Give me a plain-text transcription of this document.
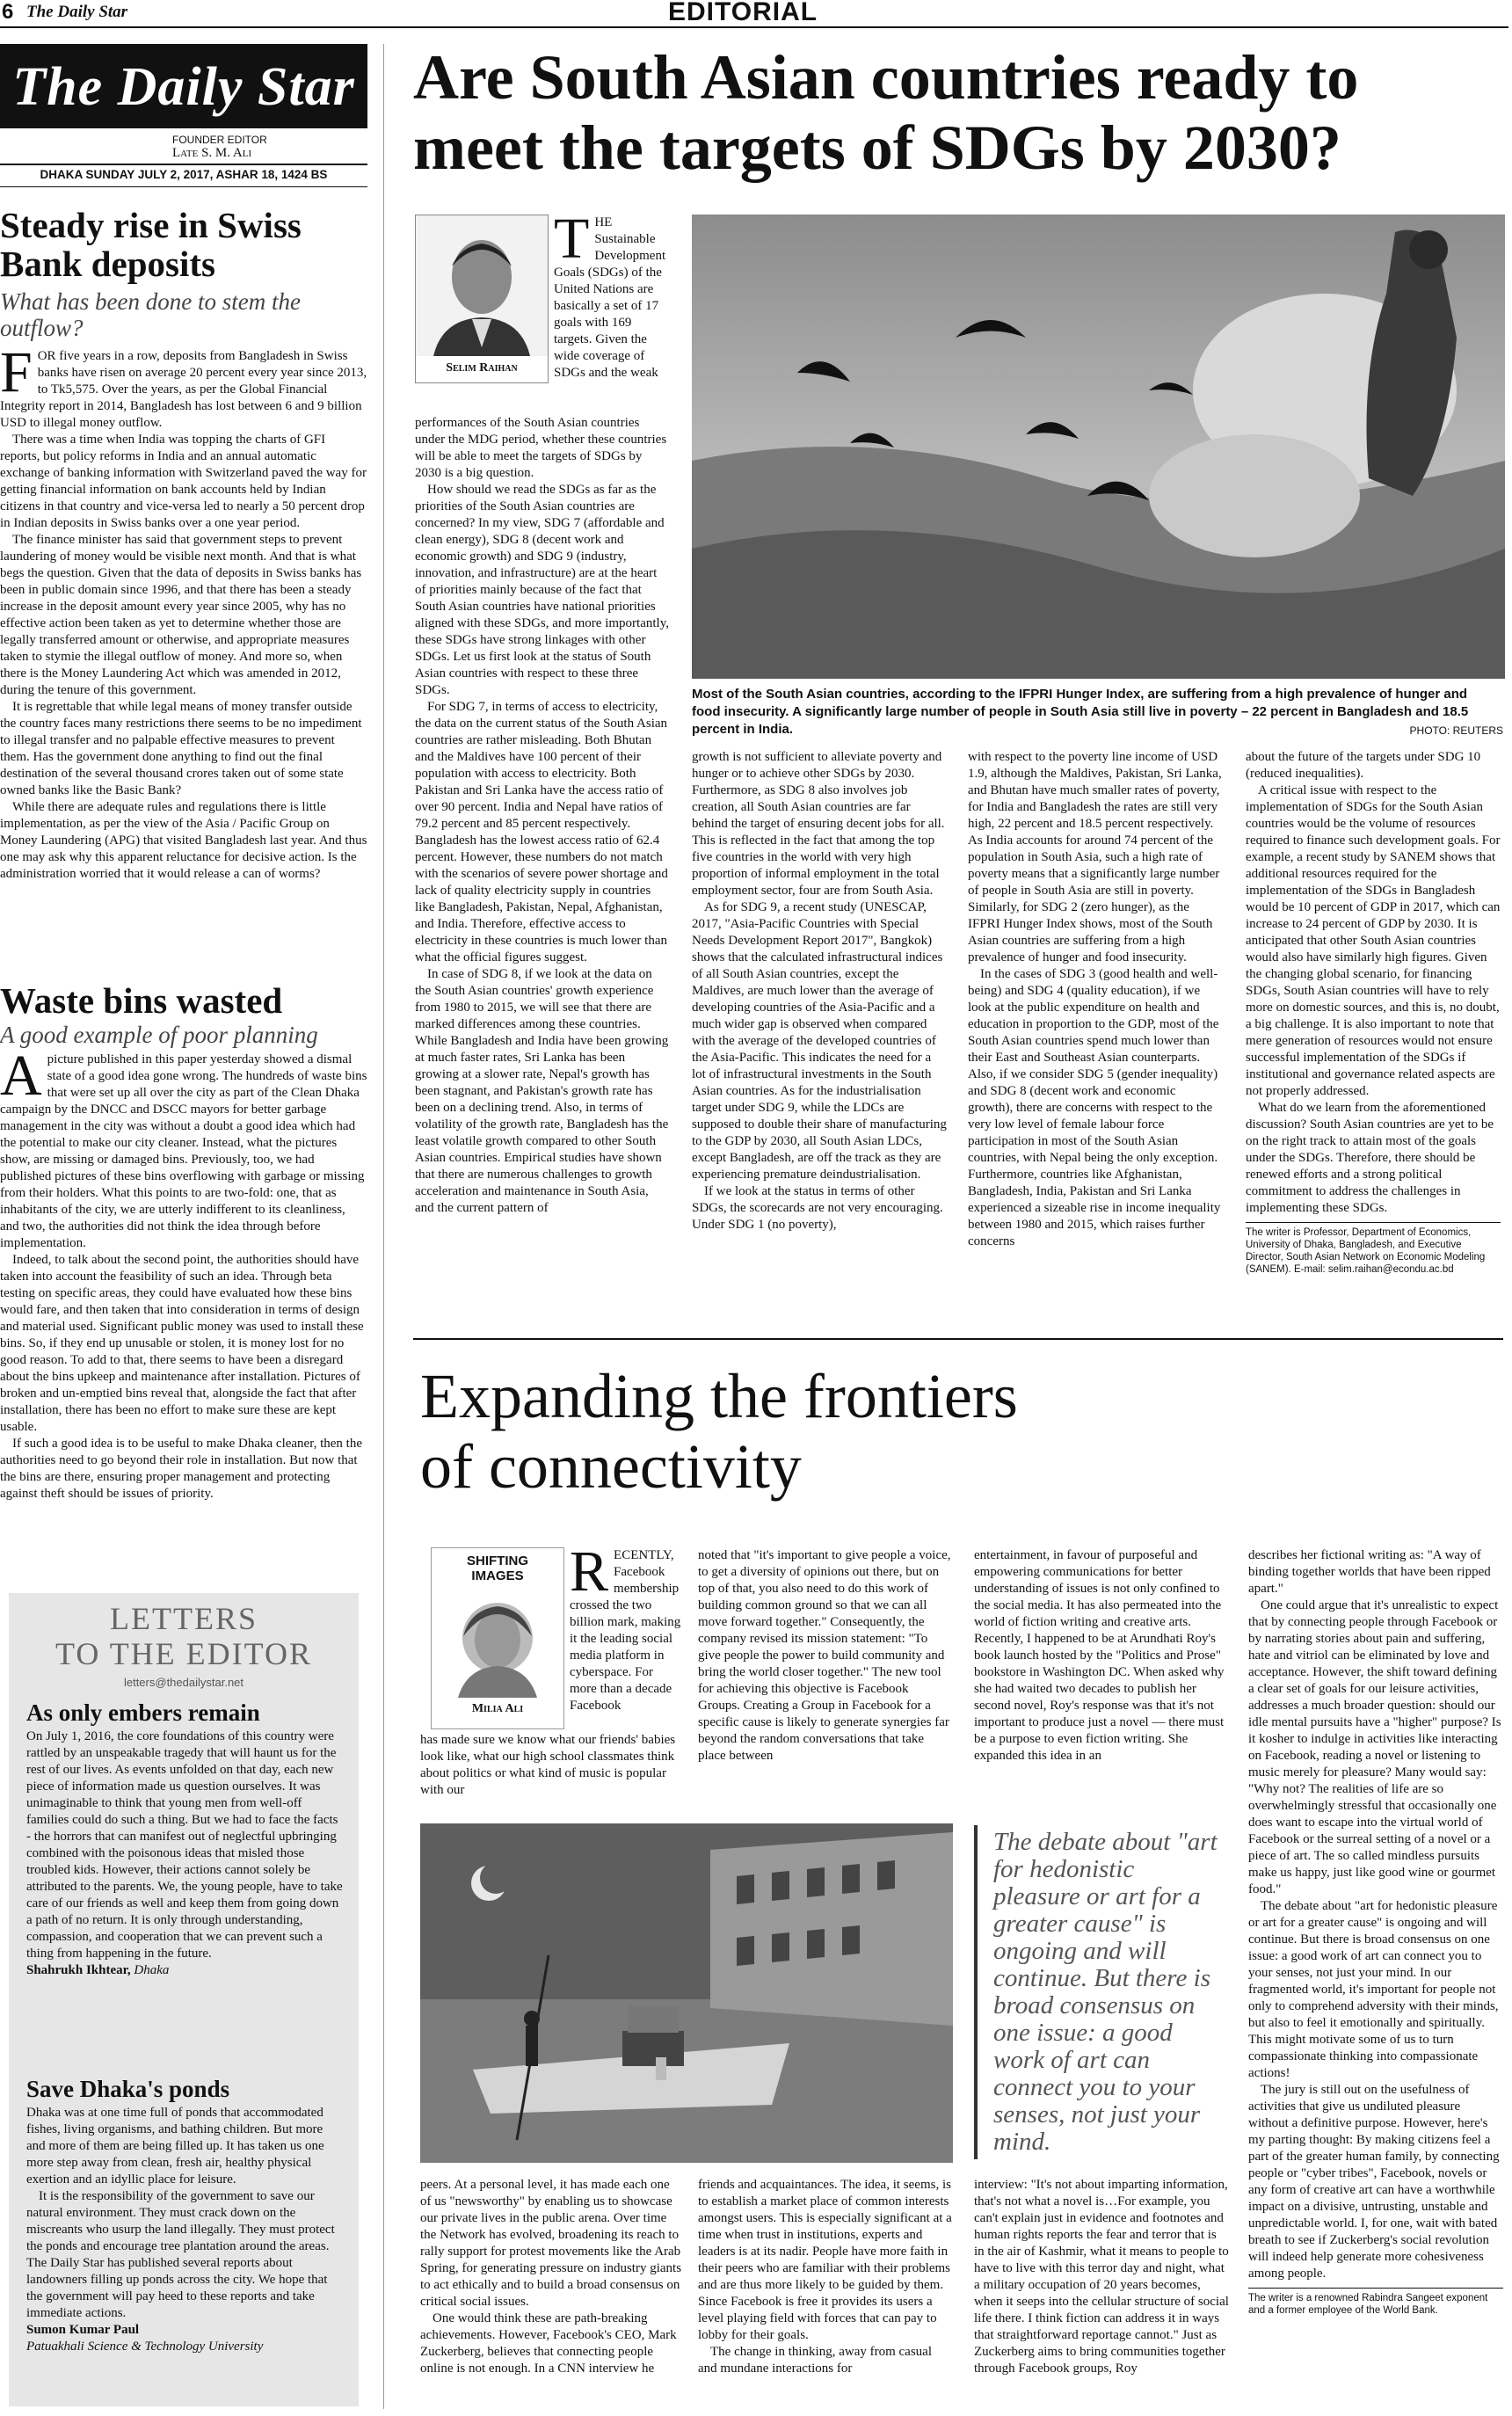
6 The Daily Star	EDITORIAL
The Daily Star
FOUNDER EDITOR
Late S. M. Ali
DHAKA SUNDAY JULY 2, 2017, ASHAR 18, 1424 BS
Steady rise in Swiss Bank deposits
What has been done to stem the outflow?
F OR five years in a row, deposits from Bangladesh in Swiss banks have risen on average 20 percent every year since 2013, to Tk5,575. Over the years, as per the Global Financial Integrity report in 2014, Bangladesh has lost between 6 and 9 billion USD to illegal money outflow.

There was a time when India was topping the charts of GFI reports, but policy reforms in India and an annual automatic exchange of banking information with Switzerland paved the way for getting financial information on bank accounts held by Indian citizens in that country and vice-versa led to nearly a 50 percent drop in Indian deposits in Swiss banks over a one year period.

The finance minister has said that government steps to prevent laundering of money would be visible next month. And that is what begs the question. Given that the data of deposits in Swiss banks has been in public domain since 1996, and that there has been a steady increase in the deposit amount every year since 2005, why has no effective action been taken as yet to determine whether those are legally transferred amount or otherwise, and appropriate measures taken to stymie the illegal outflow of money. And more so, when there is the Money Laundering Act which was amended in 2012, during the tenure of this government.

It is regrettable that while legal means of money transfer outside the country faces many restrictions there seems to be no impediment to illegal transfer and no palpable effective measures to prevent them. Has the government done anything to find out the final destination of the several thousand crores taken out of some state owned banks like the Basic Bank?

While there are adequate rules and regulations there is little implementation, as per the view of the Asia / Pacific Group on Money Laundering (APG) that visited Bangladesh last year. And thus one may ask why this apparent reluctance for decisive action. Is the administration worried that it would release a can of worms?

Waste bins wasted
A good example of poor planning
A picture published in this paper yesterday showed a dismal state of a good idea gone wrong. The hundreds of waste bins that were set up all over the city as part of the Clean Dhaka campaign by the DNCC and DSCC mayors for better garbage management in the city was without a doubt a good idea which had the potential to make our city cleaner. Instead, what the pictures show, are missing or damaged bins. Previously, too, we had published pictures of these bins overflowing with garbage or missing from their holders. What this points to are two-fold: one, that as inhabitants of the city, we are utterly indifferent to its cleanliness, and two, the authorities did not think the idea through before implementation.

Indeed, to talk about the second point, the authorities should have taken into account the feasibility of such an idea. Through beta testing on specific areas, they could have evaluated how these bins would fare, and then taken that into consideration in terms of design and material used. Significant public money was used to install these bins. So, if they end up unusable or stolen, it is money lost for no good reason. To add to that, there seems to have been a disregard about the bins upkeep and maintenance after installation. Pictures of broken and un-emptied bins reveal that, alongside the fact that after installation, there has been no effort to make sure these are kept usable.

If such a good idea is to be useful to make Dhaka cleaner, then the authorities need to go beyond their role in installation. But now that the bins are there, ensuring proper management and protecting against theft should be issues of priority.

LETTERS
TO THE EDITOR
letters@thedailystar.net
As only embers remain

On July 1, 2016, the core foundations of this country were rattled by an unspeakable tragedy that will haunt us for the rest of our lives. As events unfolded on that day, each new piece of information made us question ourselves. It was unimaginable to think that young men from well-off families could do such a thing. But we had to face the facts - the horrors that can manifest out of neglectful upbringing combined with the poisonous ideas that misled those troubled kids. However, their actions cannot solely be attributed to the parents. We, the young people, have to take care of our friends as well and keep them from going down a path of no return. It is only through understanding, compassion, and cooperation that we can prevent such a thing from happening in the future.

Shahrukh Ikhtear, Dhaka
Save Dhaka's ponds

Dhaka was at one time full of ponds that accommodated fishes, living organisms, and bathing children. But more and more of them are being filled up. It has taken us one more step away from clean, fresh air, healthy physical exertion and an idyllic place for leisure.

It is the responsibility of the government to save our natural environment. They must crack down on the miscreants who usurp the land illegally. They must protect the ponds and encourage tree plantation around the areas. The Daily Star has published several reports about landowners filling up ponds across the city. We hope that the government will pay heed to these reports and take immediate actions.

Sumon Kumar Paul
Patuakhali Science & Technology University
Are South Asian countries ready to
meet the targets of SDGs by 2030?
Selim Raihan
T HE Sustainable Development Goals (SDGs) of the United Nations are basically a set of 17 goals with 169 targets. Given the wide coverage of SDGs and the weak

performances of the South Asian countries under the MDG period, whether these countries will be able to meet the targets of SDGs by 2030 is a big question.

How should we read the SDGs as far as the priorities of the South Asian countries are concerned? In my view, SDG 7 (affordable and clean energy), SDG 8 (decent work and economic growth) and SDG 9 (industry, innovation, and infrastructure) are at the heart of priorities mainly because of the fact that South Asian countries have national priorities aligned with these SDGs, and more importantly, these SDGs have strong linkages with other SDGs. Let us first look at the status of South Asian countries with respect to these three SDGs.

For SDG 7, in terms of access to electricity, the data on the current status of the South Asian countries are rather misleading. Both Bhutan and the Maldives have 100 percent of their population with access to electricity. Both Pakistan and Sri Lanka have the access ratio of over 90 percent. India and Nepal have ratios of 79.2 percent and 85 percent respectively. Bangladesh has the lowest access ratio of 62.4 percent. However, these numbers do not match with the scenarios of severe power shortage and lack of quality electricity supply in countries like Bangladesh, Pakistan, Nepal, Afghanistan, and India. Therefore, effective access to electricity in these countries is much lower than what the official figures suggest.

In case of SDG 8, if we look at the data on the South Asian countries' growth experience from 1980 to 2015, we will see that there are marked differences among these countries. While Bangladesh and India have been growing at much faster rates, Sri Lanka has been growing at a slower rate, Nepal's growth has been stagnant, and Pakistan's growth rate has been on a declining trend. Also, in terms of volatility of the growth rate, Bangladesh has the least volatile growth compared to other South Asian countries. Empirical studies have shown that there are numerous challenges to growth acceleration and maintenance in South Asia, and the current pattern of

Most of the South Asian countries, according to the IFPRI Hunger Index, are suffering from a high prevalence of hunger and food insecurity. A significantly large number of people in South Asia still live in poverty – 22 percent in Bangladesh and 18.5 percent in India.	PHOTO: REUTERS

growth is not sufficient to alleviate poverty and hunger or to achieve other SDGs by 2030. Furthermore, as SDG 8 also involves job creation, all South Asian countries are far behind the target of ensuring decent jobs for all. This is reflected in the fact that among the top five countries in the world with very high proportion of informal employment in the total employment sector, four are from South Asia.

As for SDG 9, a recent study (UNESCAP, 2017, "Asia-Pacific Countries with Special Needs Development Report 2017", Bangkok) shows that the calculated infrastructural indices of all South Asian countries, except the Maldives, are much lower than the average of developing countries of the Asia-Pacific and a much wider gap is observed when compared with the average of the developed countries of the Asia-Pacific. This indicates the need for a lot of infrastructural investments in the South Asian countries. As for the industrialisation target under SDG 9, while the LDCs are supposed to double their share of manufacturing to the GDP by 2030, all South Asian LDCs, except Bangladesh, are off the track as they are experiencing premature deindustrialisation.

If we look at the status in terms of other SDGs, the scorecards are not very encouraging. Under SDG 1 (no poverty),

with respect to the poverty line income of USD 1.9, although the Maldives, Pakistan, Sri Lanka, and Bhutan have much smaller rates of poverty, for India and Bangladesh the rates are still very high, 22 percent and 18.5 percent respectively. As India accounts for around 74 percent of the population in South Asia, such a high rate of poverty means that a significantly large number of people in South Asia are still in poverty. Similarly, for SDG 2 (zero hunger), as the IFPRI Hunger Index shows, most of the South Asian countries are suffering from a high prevalence of hunger and food insecurity.

In the cases of SDG 3 (good health and well-being) and SDG 4 (quality education), if we look at the public expenditure on health and education in proportion to the GDP, most of the South Asian countries spend much lower than their East and Southeast Asian counterparts. Also, if we consider SDG 5 (gender inequality) and SDG 8 (decent work and economic growth), there are concerns with respect to the very low level of female labour force participation in most of the South Asian countries, with Nepal being the only exception. Furthermore, countries like Afghanistan, Bangladesh, India, Pakistan and Sri Lanka experienced a sizeable rise in income inequality between 1980 and 2015, which raises further concerns

about the future of the targets under SDG 10 (reduced inequalities).

A critical issue with respect to the implementation of SDGs for the South Asian countries would be the volume of resources required to finance such development goals. For example, a recent study by SANEM shows that additional resources required for the implementation of the SDGs in Bangladesh would be 10 percent of GDP in 2017, which can increase to 24 percent of GDP by 2030. It is anticipated that other South Asian countries would also have similarly high figures. Given the changing global scenario, for financing SDGs, South Asian countries will have to rely more on domestic sources, and this is, no doubt, a big challenge. It is also important to note that mere generation of resources would not ensure successful implementation of the SDGs if institutional and governance related aspects are not properly addressed.

What do we learn from the aforementioned discussion? South Asian countries are yet to be on the right track to attain most of the goals under the SDGs. Therefore, there should be renewed efforts and a strong political commitment to address the challenges in implementing these SDGs.

The writer is Professor, Department of Economics, University of Dhaka, Bangladesh, and Executive Director, South Asian Network on Economic Modeling (SANEM). E-mail: selim.raihan@econdu.ac.bd
Expanding the frontiers
of connectivity
SHIFTING
IMAGES
Milia Ali
R ECENTLY, Facebook membership crossed the two billion mark, making it the leading social media platform in cyberspace. For more than a decade Facebook

has made sure we know what our friends' babies look like, what our high school classmates think about politics or what kind of music is popular with our

noted that "it's important to give people a voice, to get a diversity of opinions out there, but on top of that, you also need to do this work of building common ground so that we can all move forward together." Consequently, the company revised its mission statement: "To give people the power to build community and bring the world closer together." The new tool for achieving this objective is Facebook Groups. Creating a Group in Facebook for a specific cause is likely to generate synergies far beyond the random conversations that take place between

entertainment, in favour of purposeful and empowering communications for better understanding of issues is not only confined to the social media. It has also permeated into the world of fiction writing and creative arts. Recently, I happened to be at Arundhati Roy's book launch hosted by the "Politics and Prose" bookstore in Washington DC. When asked why she had waited two decades to publish her second novel, Roy's response was that it's not important to produce just a novel — there must be a purpose to even fiction writing. She expanded this idea in an

The debate about "art for hedonistic pleasure or art for a greater cause" is ongoing and will continue. But there is broad consensus on one issue: a good work of art can connect you to your senses, not just your mind.

describes her fictional writing as: "A way of binding together worlds that have been ripped apart."

One could argue that it's unrealistic to expect that by connecting people through Facebook or by narrating stories about pain and suffering, hate and vitriol can be eliminated by love and acceptance. However, the shift toward defining a clear set of goals for our leisure activities, addresses a much broader question: should our idle mental pursuits have a "higher" purpose? Is it kosher to indulge in activities like interacting on Facebook, reading a novel or listening to music merely for pleasure? Many would say: "Why not? The realities of life are so overwhelmingly stressful that occasionally one does want to escape into the virtual world of Facebook or the surreal setting of a novel or a piece of art. The so called mindless pursuits make us happy, just like good wine or gourmet food."

The debate about "art for hedonistic pleasure or art for a greater cause" is ongoing and will continue. But there is broad consensus on one issue: a good work of art can connect you to your senses, not just your mind. In our fragmented world, it's important for people not only to comprehend adversity with their minds, but also to feel it emotionally and spiritually. This might motivate some of us to turn compassionate thinking into compassionate actions!

The jury is still out on the usefulness of activities that give us undiluted pleasure without a definitive purpose. However, here's my parting thought: By making citizens feel a part of the greater human family, by connecting people or "cyber tribes", Facebook, novels or any form of creative art can have a worthwhile impact on a divisive, untrusting, unstable and unpredictable world. I, for one, wait with bated breath to see if Zuckerberg's social revolution will indeed help generate more cohesiveness among people.

The writer is a renowned Rabindra Sangeet exponent and a former employee of the World Bank.

peers. At a personal level, it has made each one of us "newsworthy" by enabling us to showcase our private lives in the public arena. Over time the Network has evolved, broadening its reach to rally support for protest movements like the Arab Spring, for generating pressure on industry giants to act ethically and to build a broad consensus on critical social issues.

One would think these are path-breaking achievements. However, Facebook's CEO, Mark Zuckerberg, believes that connecting people online is not enough. In a CNN interview he

friends and acquaintances. The idea, it seems, is to establish a market place of common interests amongst users. This is especially significant at a time when trust in institutions, experts and leaders is at its nadir. People have more faith in their peers who are familiar with their problems and are thus more likely to be guided by them. Since Facebook is free it provides its users a level playing field with forces that can pay to lobby for their goals.

The change in thinking, away from casual and mundane interactions for

interview: "It's not about imparting information, that's not what a novel is…For example, you can't explain just in evidence and footnotes and human rights reports the fear and terror that is in the air of Kashmir, what it means to people to have to live with this terror day and night, what a military occupation of 20 years becomes, when it seeps into the cellular structure of social life there. I think fiction can address it in ways that straightforward reportage cannot." Just as Zuckerberg aims to bring communities together through Facebook groups, Roy
